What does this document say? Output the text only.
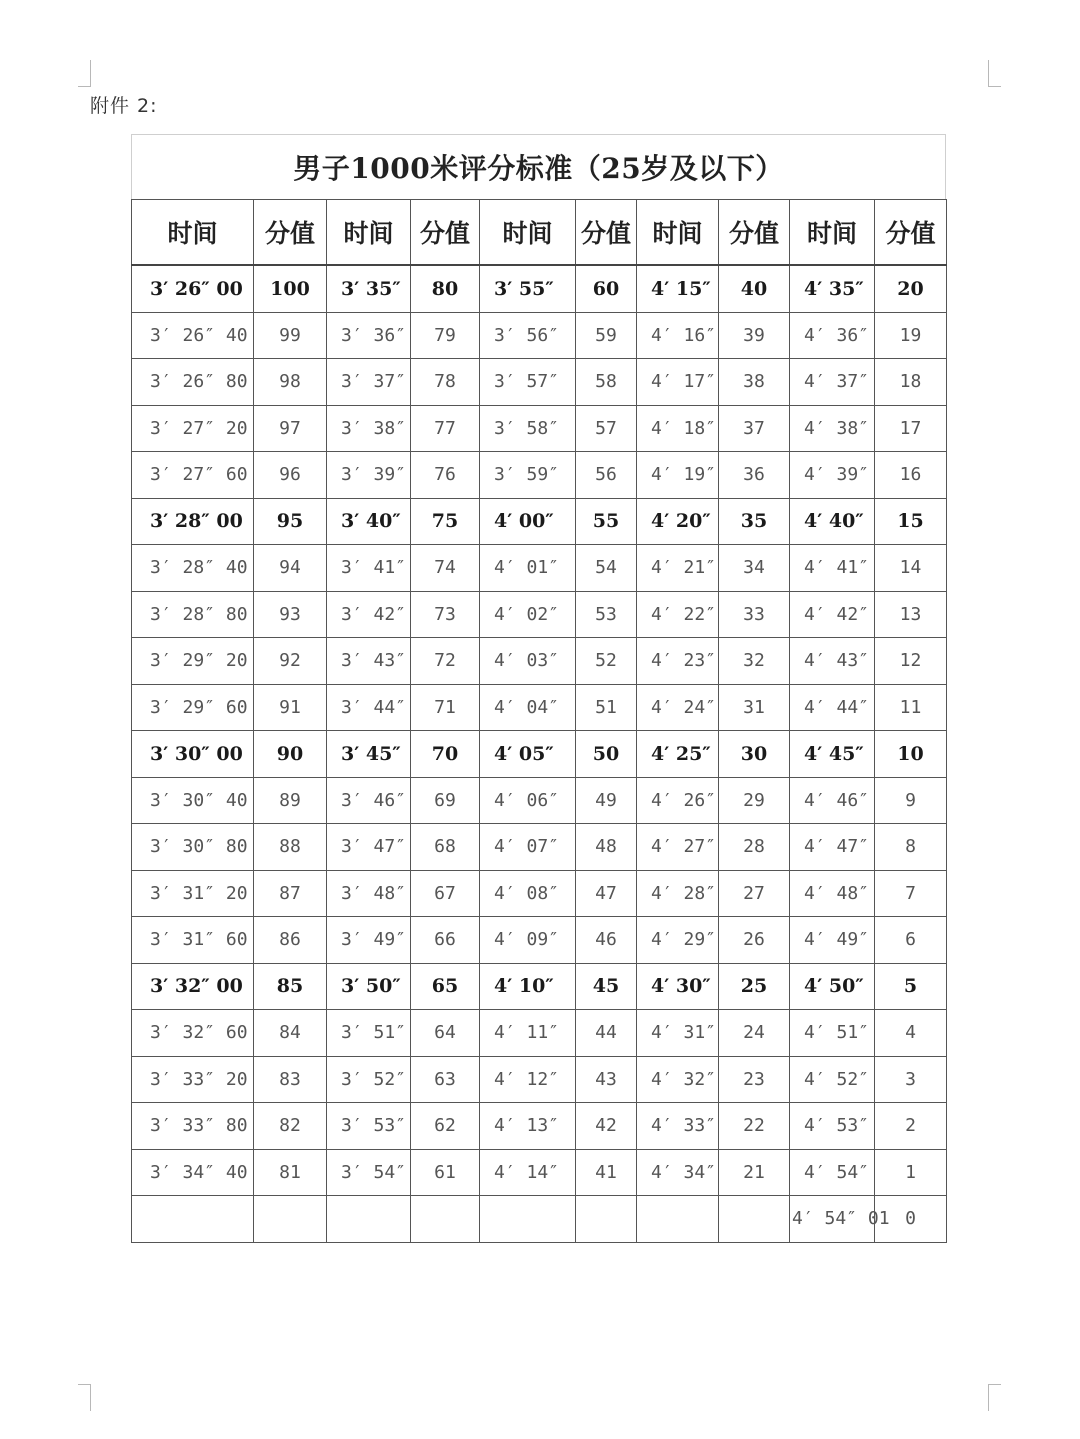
附件 2:
男子1000米评分标准（25岁及以下）
时间	分值	时间	分值	时间	分值	时间	分值	时间	分值
3′ 26″ 00	100	3′ 35″	80	3′ 55″	60	4′ 15″	40	4′ 35″	20
3′ 26″ 40	99	3′ 36″	79	3′ 56″	59	4′ 16″	39	4′ 36″	19
3′ 26″ 80	98	3′ 37″	78	3′ 57″	58	4′ 17″	38	4′ 37″	18
3′ 27″ 20	97	3′ 38″	77	3′ 58″	57	4′ 18″	37	4′ 38″	17
3′ 27″ 60	96	3′ 39″	76	3′ 59″	56	4′ 19″	36	4′ 39″	16
3′ 28″ 00	95	3′ 40″	75	4′ 00″	55	4′ 20″	35	4′ 40″	15
3′ 28″ 40	94	3′ 41″	74	4′ 01″	54	4′ 21″	34	4′ 41″	14
3′ 28″ 80	93	3′ 42″	73	4′ 02″	53	4′ 22″	33	4′ 42″	13
3′ 29″ 20	92	3′ 43″	72	4′ 03″	52	4′ 23″	32	4′ 43″	12
3′ 29″ 60	91	3′ 44″	71	4′ 04″	51	4′ 24″	31	4′ 44″	11
3′ 30″ 00	90	3′ 45″	70	4′ 05″	50	4′ 25″	30	4′ 45″	10
3′ 30″ 40	89	3′ 46″	69	4′ 06″	49	4′ 26″	29	4′ 46″	9
3′ 30″ 80	88	3′ 47″	68	4′ 07″	48	4′ 27″	28	4′ 47″	8
3′ 31″ 20	87	3′ 48″	67	4′ 08″	47	4′ 28″	27	4′ 48″	7
3′ 31″ 60	86	3′ 49″	66	4′ 09″	46	4′ 29″	26	4′ 49″	6
3′ 32″ 00	85	3′ 50″	65	4′ 10″	45	4′ 30″	25	4′ 50″	5
3′ 32″ 60	84	3′ 51″	64	4′ 11″	44	4′ 31″	24	4′ 51″	4
3′ 33″ 20	83	3′ 52″	63	4′ 12″	43	4′ 32″	23	4′ 52″	3
3′ 33″ 80	82	3′ 53″	62	4′ 13″	42	4′ 33″	22	4′ 53″	2
3′ 34″ 40	81	3′ 54″	61	4′ 14″	41	4′ 34″	21	4′ 54″	1
								4′ 54″ 01	0
